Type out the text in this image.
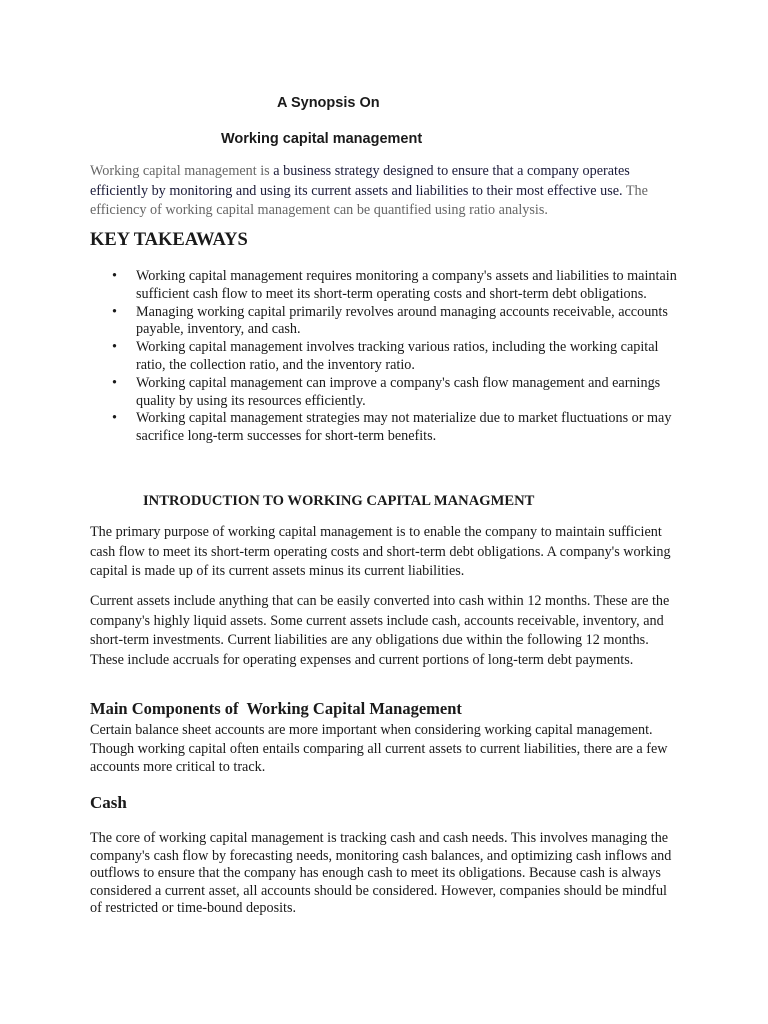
A Synopsis On
Working capital management

Working capital management is a business strategy designed to ensure that a company operates efficiently by monitoring and using its current assets and liabilities to their most effective use. The efficiency of working capital management can be quantified using ratio analysis.

KEY TAKEAWAYS
• Working capital management requires monitoring a company's assets and liabilities to maintain sufficient cash flow to meet its short-term operating costs and short-term debt obligations.
• Managing working capital primarily revolves around managing accounts receivable, accounts payable, inventory, and cash.
• Working capital management involves tracking various ratios, including the working capital ratio, the collection ratio, and the inventory ratio.
• Working capital management can improve a company's cash flow management and earnings quality by using its resources efficiently.
• Working capital management strategies may not materialize due to market fluctuations or may sacrifice long-term successes for short-term benefits.
INTRODUCTION TO WORKING CAPITAL MANAGMENT

The primary purpose of working capital management is to enable the company to maintain sufficient cash flow to meet its short-term operating costs and short-term debt obligations. A company's working capital is made up of its current assets minus its current liabilities.

Current assets include anything that can be easily converted into cash within 12 months. These are the company's highly liquid assets. Some current assets include cash, accounts receivable, inventory, and short-term investments. Current liabilities are any obligations due within the following 12 months. These include accruals for operating expenses and current portions of long-term debt payments.

Main Components of  Working Capital Management

Certain balance sheet accounts are more important when considering working capital management. Though working capital often entails comparing all current assets to current liabilities, there are a few accounts more critical to track.

Cash

The core of working capital management is tracking cash and cash needs. This involves managing the company's cash flow by forecasting needs, monitoring cash balances, and optimizing cash inflows and outflows to ensure that the company has enough cash to meet its obligations. Because cash is always considered a current asset, all accounts should be considered. However, companies should be mindful of restricted or time-bound deposits.
